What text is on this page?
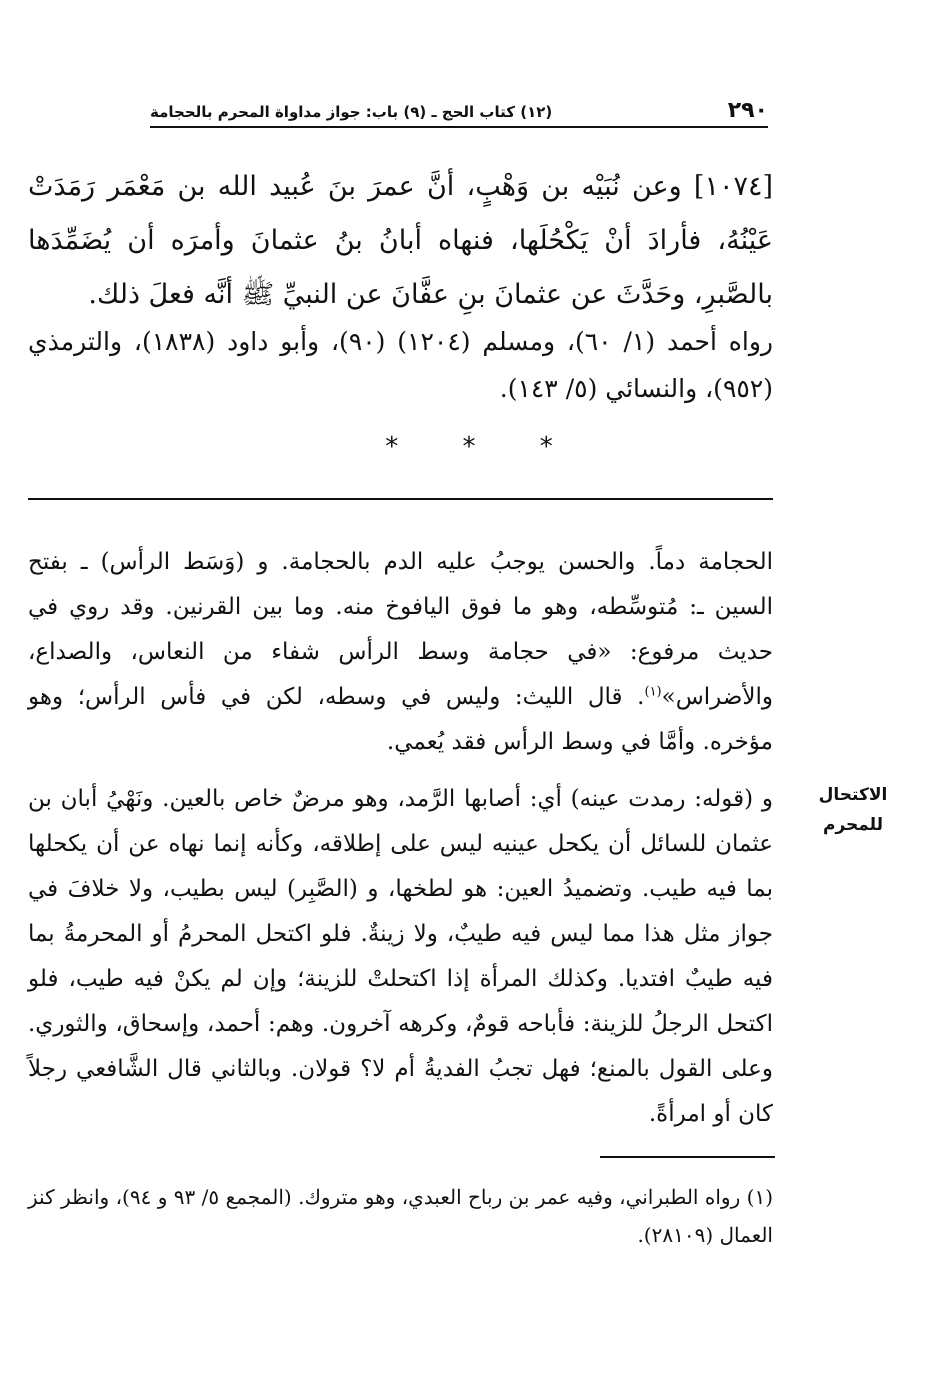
٢٩٠
(١٢) كتاب الحج ـ (٩) باب: جواز مداواة المحرم بالحجامة
[١٠٧٤] وعن نُبَيْه بن وَهْبٍ، أنَّ عمرَ بنَ عُبيد الله بن مَعْمَر رَمَدَتْ عَيْنُهُ، فأرادَ أنْ يَكْحُلَها، فنهاه أبانُ بنُ عثمانَ وأمرَه أن يُضَمِّدَها بالصَّبرِ، وحَدَّثَ عن عثمانَ بنِ عفَّانَ عن النبيِّ ﷺ أنَّه فعلَ ذلك.
رواه أحمد (١/ ٦٠)، ومسلم (١٢٠٤) (٩٠)، وأبو داود (١٨٣٨)، والترمذي (٩٥٢)، والنسائي (٥/ ١٤٣).
* * *
الحجامة دماً. والحسن يوجبُ عليه الدم بالحجامة. و (وَسَط الرأس) ـ بفتح السين ـ: مُتوسِّطه، وهو ما فوق اليافوخ منه. وما بين القرنين. وقد روي في حديث مرفوع: «في حجامة وسط الرأس شفاء من النعاس، والصداع، والأضراس»$^{(١)}$. قال الليث: وليس في وسطه، لكن في فأس الرأس؛ وهو مؤخره. وأمَّا في وسط الرأس فقد يُعمي.
الاكتحال للمحرم
و (قوله: رمدت عينه) أي: أصابها الرَّمد، وهو مرضٌ خاص بالعين. ونَهْيُ أبان بن عثمان للسائل أن يكحل عينيه ليس على إطلاقه، وكأنه إنما نهاه عن أن يكحلها بما فيه طيب. وتضميدُ العين: هو لطخها، و (الصَّبِر) ليس بطيب، ولا خلافَ في جواز مثل هذا مما ليس فيه طيبٌ، ولا زينةٌ. فلو اكتحل المحرمُ أو المحرمةُ بما فيه طيبٌ افتديا. وكذلك المرأة إذا اكتحلتْ للزينة؛ وإن لم يكنْ فيه طيب، فلو اكتحل الرجلُ للزينة: فأباحه قومٌ، وكرهه آخرون. وهم: أحمد، وإسحاق، والثوري. وعلى القول بالمنع؛ فهل تجبُ الفديةُ أم لا؟ قولان. وبالثاني قال الشَّافعي رجلاً كان أو امرأةً.
(١) رواه الطبراني، وفيه عمر بن رباح العبدي، وهو متروك. (المجمع ٥/ ٩٣ و ٩٤)، وانظر كنز العمال (٢٨١٠٩).
